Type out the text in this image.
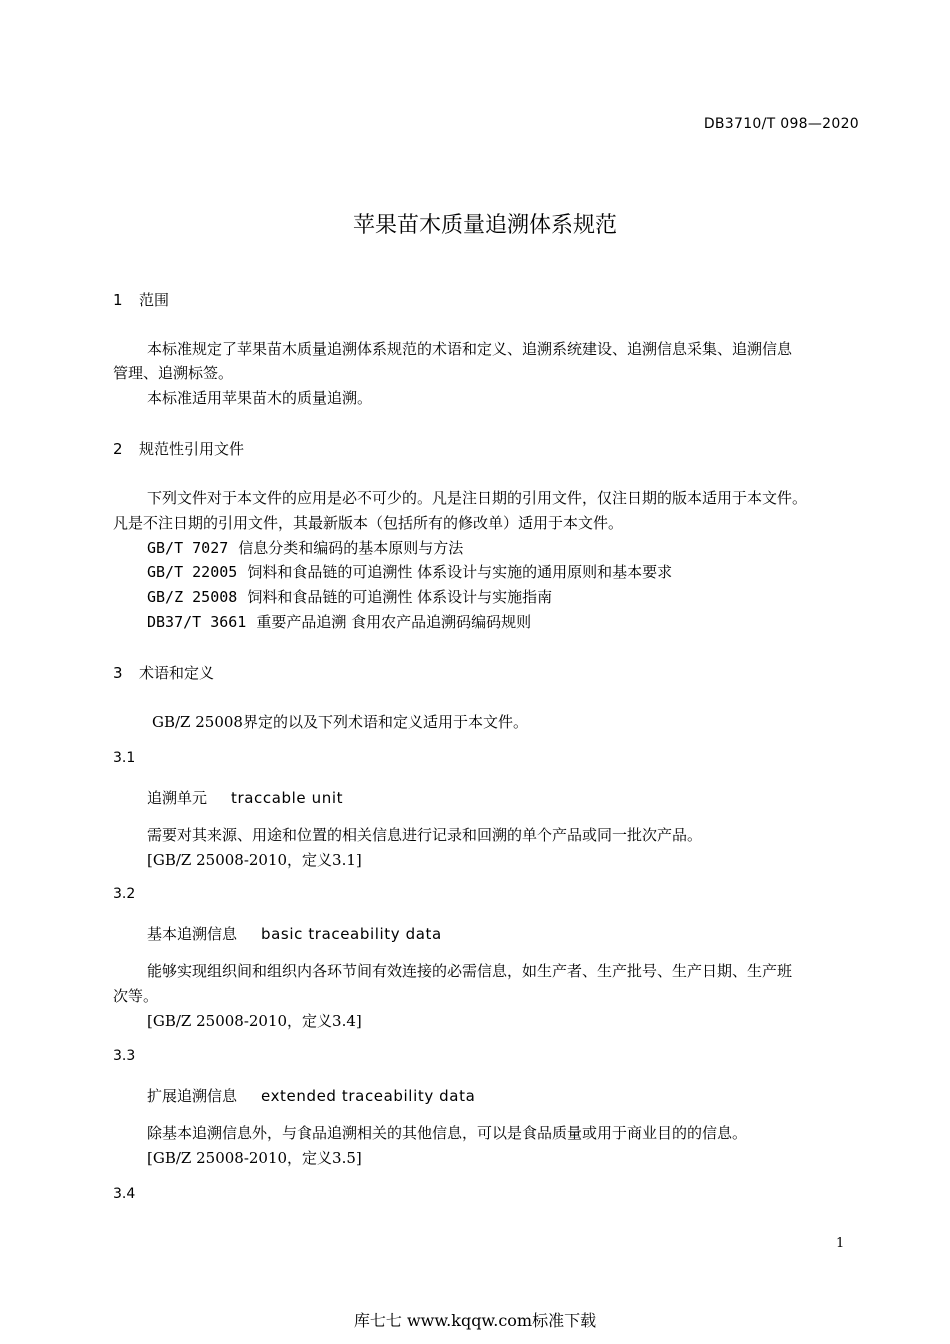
DB3710/T 098—2020
苹果苗木质量追溯体系规范
1 范围
本标准规定了苹果苗木质量追溯体系规范的术语和定义、追溯系统建设、追溯信息采集、追溯信息
管理、追溯标签。
本标准适用苹果苗木的质量追溯。
2 规范性引用文件
下列文件对于本文件的应用是必不可少的。凡是注日期的引用文件，仅注日期的版本适用于本文件。
凡是不注日期的引用文件，其最新版本（包括所有的修改单）适用于本文件。
GB/T 7027 信息分类和编码的基本原则与方法
GB/T 22005 饲料和食品链的可追溯性 体系设计与实施的通用原则和基本要求
GB/Z 25008 饲料和食品链的可追溯性 体系设计与实施指南
DB37/T 3661 重要产品追溯 食用农产品追溯码编码规则
3 术语和定义
GB/Z 25008界定的以及下列术语和定义适用于本文件。
3.1
追溯单元 traccable unit
需要对其来源、用途和位置的相关信息进行记录和回溯的单个产品或同一批次产品。
[GB/Z 25008-2010，定义3.1]
3.2
基本追溯信息 basic traceability data
能够实现组织间和组织内各环节间有效连接的必需信息，如生产者、生产批号、生产日期、生产班
次等。
[GB/Z 25008-2010，定义3.4]
3.3
扩展追溯信息 extended traceability data
除基本追溯信息外，与食品追溯相关的其他信息，可以是食品质量或用于商业目的的信息。
[GB/Z 25008-2010，定义3.5]
3.4
1
库七七 www.kqqw.com标准下载
